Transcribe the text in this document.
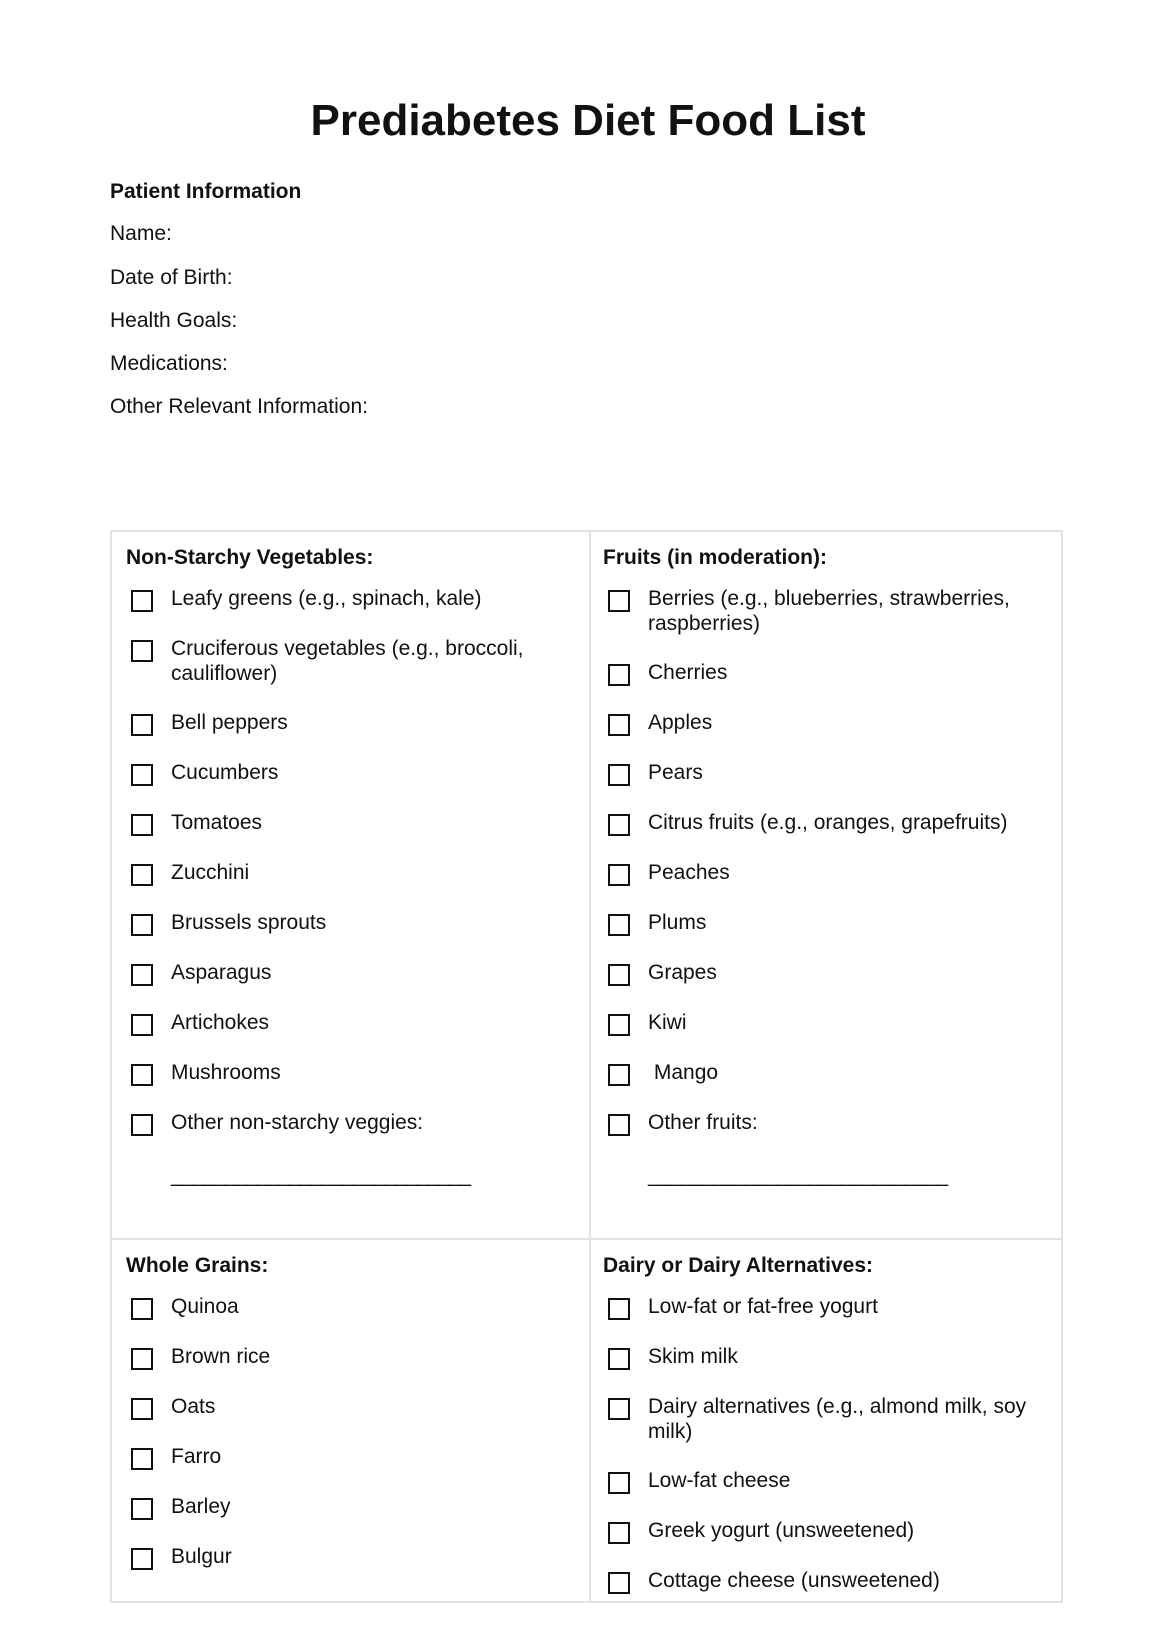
Prediabetes Diet Food List
Patient Information
Name:
Date of Birth:
Health Goals:
Medications:
Other Relevant Information:
Non-Starchy Vegetables:
Leafy greens (e.g., spinach, kale)
Cruciferous vegetables (e.g., broccoli, cauliflower)
Bell peppers
Cucumbers
Tomatoes
Zucchini
Brussels sprouts
Asparagus
Artichokes
Mushrooms
Other non-starchy veggies:
____________________________
Fruits (in moderation):
Berries (e.g., blueberries, strawberries, raspberries)
Cherries
Apples
Pears
Citrus fruits (e.g., oranges, grapefruits)
Peaches
Plums
Grapes
Kiwi
Mango
Other fruits:
____________________________
Whole Grains:
Quinoa
Brown rice
Oats
Farro
Barley
Bulgur
Dairy or Dairy Alternatives:
Low-fat or fat-free yogurt
Skim milk
Dairy alternatives (e.g., almond milk, soy milk)
Low-fat cheese
Greek yogurt (unsweetened)
Cottage cheese (unsweetened)
